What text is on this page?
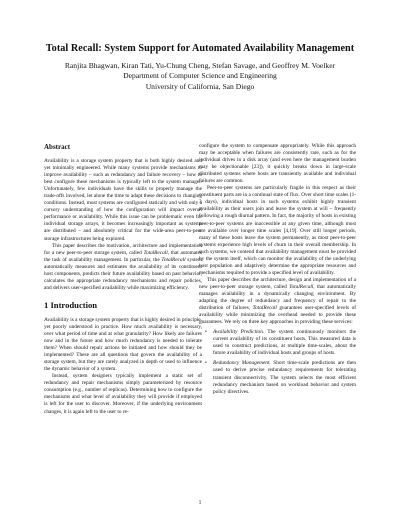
Total Recall: System Support for Automated Availability Management
Ranjita Bhagwan, Kiran Tati, Yu-Chung Cheng, Stefan Savage, and Geoffrey M. Voelker
Department of Computer Science and Engineering
University of California, San Diego
Abstract

Availability is a storage system property that is both highly desired and yet minimally engineered. While many systems provide mechanisms to improve availability – such as redundancy and failure recovery – how to best configure these mechanisms is typically left to the system manager. Unfortunately, few individuals have the skills to properly manage the trade-offs involved, let alone the time to adapt these decisions to changing conditions. Instead, most systems are configured statically and with only a cursory understanding of how the configuration will impact overall performance or availability. While this issue can be problematic even for individual storage arrays, it becomes increasingly important as systems are distributed – and absolutely critical for the wide-area peer-to-peer storage infrastructures being explored.

This paper describes the motivation, architecture and implementation for a new peer-to-peer storage system, called TotalRecall, that automates the task of availability management. In particular, the TotalRecall system automatically measures and estimates the availability of its constituent host components, predicts their future availability based on past behavior, calculates the appropriate redundancy mechanisms and repair policies, and delivers user-specified availability while maximizing efficiency.

1 Introduction

Availability is a storage system property that is highly desired in principle, yet poorly understood in practice. How much availability is necessary, over what period of time and at what granularity? How likely are failures now and in the future and how much redundancy is needed to tolerate them? When should repair actions be initiated and how should they be implemented? These are all questions that govern the availability of a storage system, but they are rarely analyzed in depth or used to influence the dynamic behavior of a system.

Instead, system designers typically implement a static set of redundancy and repair mechanisms simply parameterized by resource consumption (e.g., number of replicas). Determining how to configure the mechanisms and what level of availability they will provide if employed is left for the user to discover. Moreover, if the underlying environment changes, it is again left to the user to re-

configure the system to compensate appropriately. While this approach may be acceptable when failures are consistently rare, such as for the individual drives in a disk array (and even here the management burden may be objectionable [23]), it quickly breaks down in large-scale distributed systems where hosts are transiently available and individual failures are common.

Peer-to-peer systems are particularly fragile in this respect as their constituent parts are in a continual state of flux. Over short time scales (1-3 days), individual hosts in such systems exhibit highly transient availability as their users join and leave the system at will – frequently following a rough diurnal pattern. In fact, the majority of hosts in existing peer-to-peer systems are inaccessible at any given time, although most are available over longer time scales [4,19]. Over still longer periods, many of these hosts leave the system permanently, as most peer-to-peer systems experience high levels of churn in their overall membership. In such systems, we contend that availability management must be provided by the system itself, which can monitor the availability of the underlying host population and adaptively determine the appropriate resources and mechanisms required to provide a specified level of availability.

This paper describes the architecture, design and implementation of a new peer-to-peer storage system, called TotalRecall, that automatically manages availability in a dynamically changing environment. By adapting the degree of redundancy and frequency of repair to the distribution of failures, TotalRecall guarantees user-specified levels of availability while minimizing the overhead needed to provide these guarantees. We rely on three key approaches in providing these services:

• Availability Prediction. The system continuously monitors the current availability of its constituent hosts. This measured data is used to construct predictions, at multiple time-scales, about the future availability of individual hosts and groups of hosts.
• Redundancy Management. Short time-scale predictions are then used to derive precise redundancy requirements for tolerating transient disconnectivity. The system selects the most efficient redundancy mechanism based on workload behavior and system policy directives.
1
